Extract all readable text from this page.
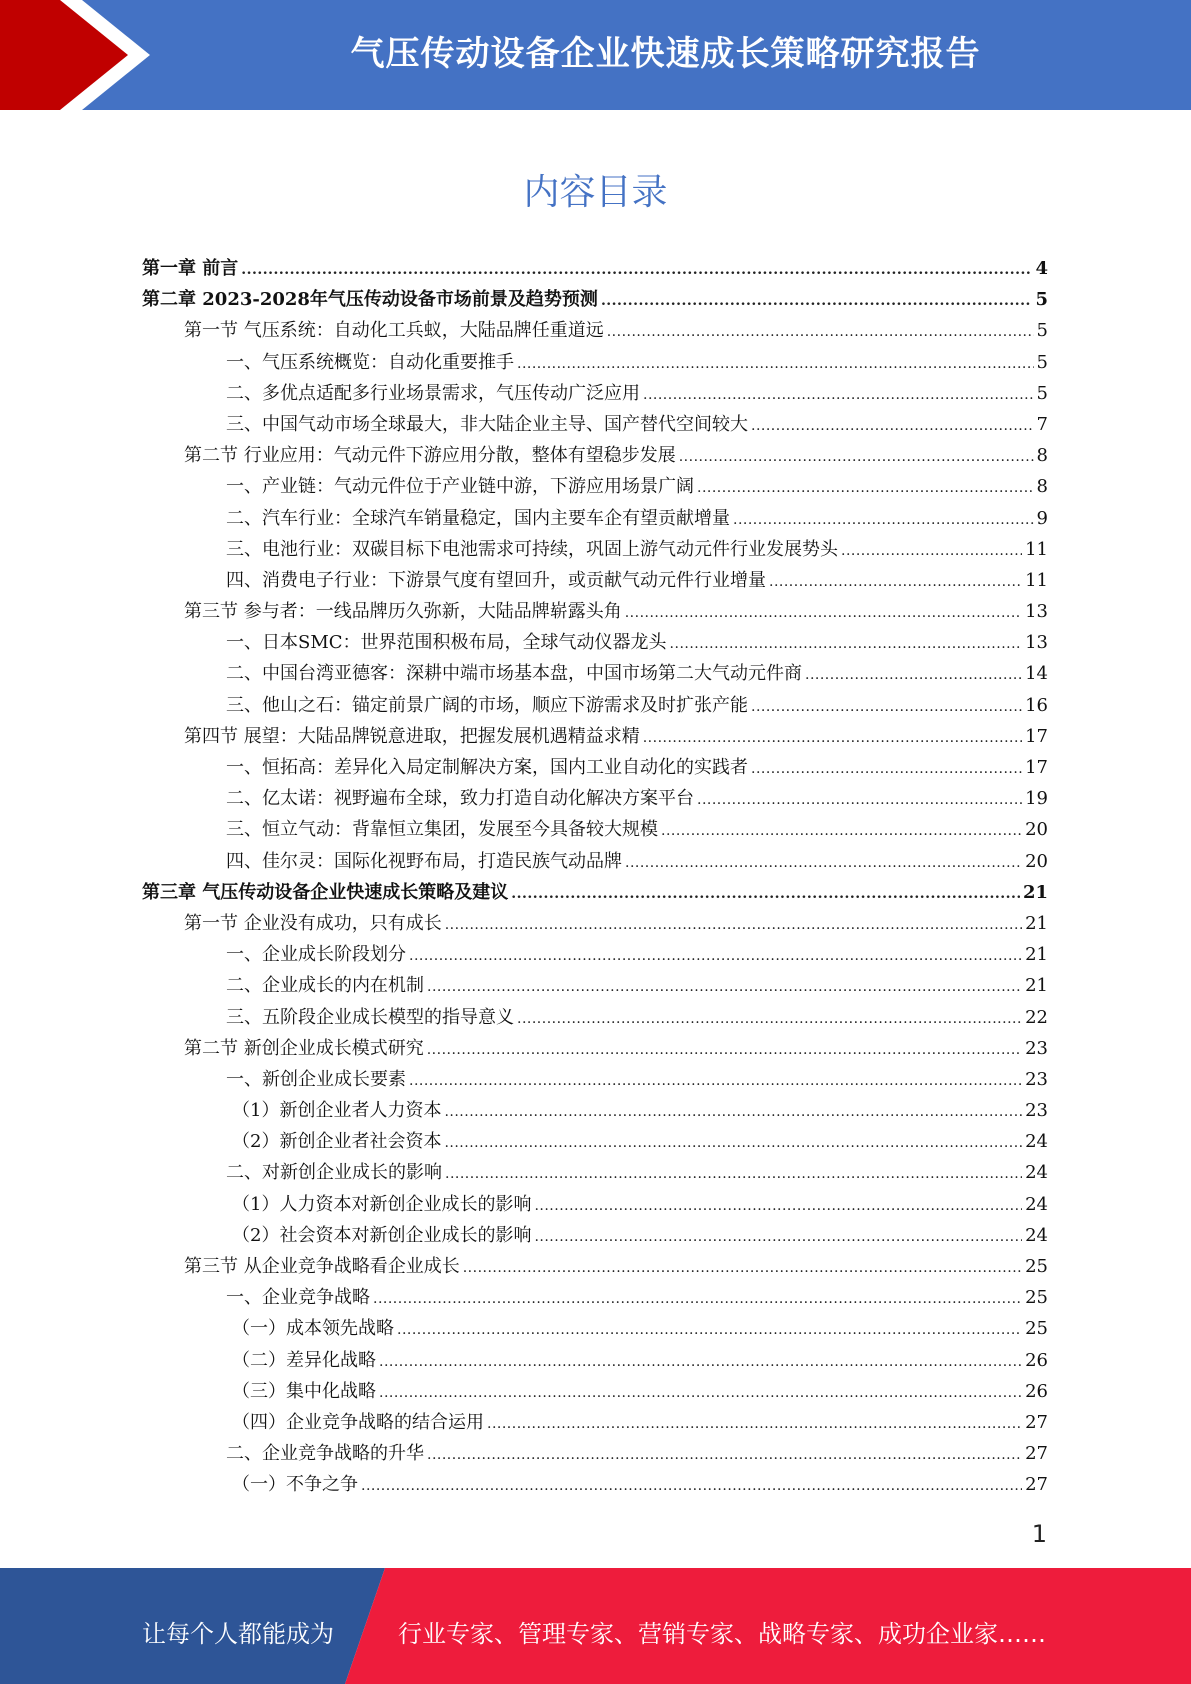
气压传动设备企业快速成长策略研究报告
内容目录
第一章 前言 .....	4
第二章 2023-2028年气压传动设备市场前景及趋势预测 .....	5
第一节 气压系统：自动化工兵蚁，大陆品牌任重道远 .....	5
一、气压系统概览：自动化重要推手 .....	5
二、多优点适配多行业场景需求，气压传动广泛应用 .....	5
三、中国气动市场全球最大，非大陆企业主导、国产替代空间较大 .....	7
第二节 行业应用：气动元件下游应用分散，整体有望稳步发展 .....	8
一、产业链：气动元件位于产业链中游，下游应用场景广阔 .....	8
二、汽车行业：全球汽车销量稳定，国内主要车企有望贡献增量 .....	9
三、电池行业：双碳目标下电池需求可持续，巩固上游气动元件行业发展势头 .....	11
四、消费电子行业：下游景气度有望回升，或贡献气动元件行业增量 .....	11
第三节 参与者：一线品牌历久弥新，大陆品牌崭露头角 .....	13
一、日本SMC：世界范围积极布局，全球气动仪器龙头 .....	13
二、中国台湾亚德客：深耕中端市场基本盘，中国市场第二大气动元件商 .....	14
三、他山之石：锚定前景广阔的市场，顺应下游需求及时扩张产能 .....	16
第四节 展望：大陆品牌锐意进取，把握发展机遇精益求精 .....	17
一、恒拓高：差异化入局定制解决方案，国内工业自动化的实践者 .....	17
二、亿太诺：视野遍布全球，致力打造自动化解决方案平台 .....	19
三、恒立气动：背靠恒立集团，发展至今具备较大规模 .....	20
四、佳尔灵：国际化视野布局，打造民族气动品牌 .....	20
第三章 气压传动设备企业快速成长策略及建议 .....	21
第一节 企业没有成功，只有成长 .....	21
一、企业成长阶段划分 .....	21
二、企业成长的内在机制 .....	21
三、五阶段企业成长模型的指导意义 .....	22
第二节 新创企业成长模式研究 .....	23
一、新创企业成长要素 .....	23
（1）新创企业者人力资本 .....	23
（2）新创企业者社会资本 .....	24
二、对新创企业成长的影响 .....	24
（1）人力资本对新创企业成长的影响 .....	24
（2）社会资本对新创企业成长的影响 .....	24
第三节 从企业竞争战略看企业成长 .....	25
一、企业竞争战略 .....	25
（一）成本领先战略 .....	25
（二）差异化战略 .....	26
（三）集中化战略 .....	26
（四）企业竞争战略的结合运用 .....	27
二、企业竞争战略的升华 .....	27
（一）不争之争 .....	27
1
让每个人都能成为	行业专家、管理专家、营销专家、战略专家、成功企业家……
